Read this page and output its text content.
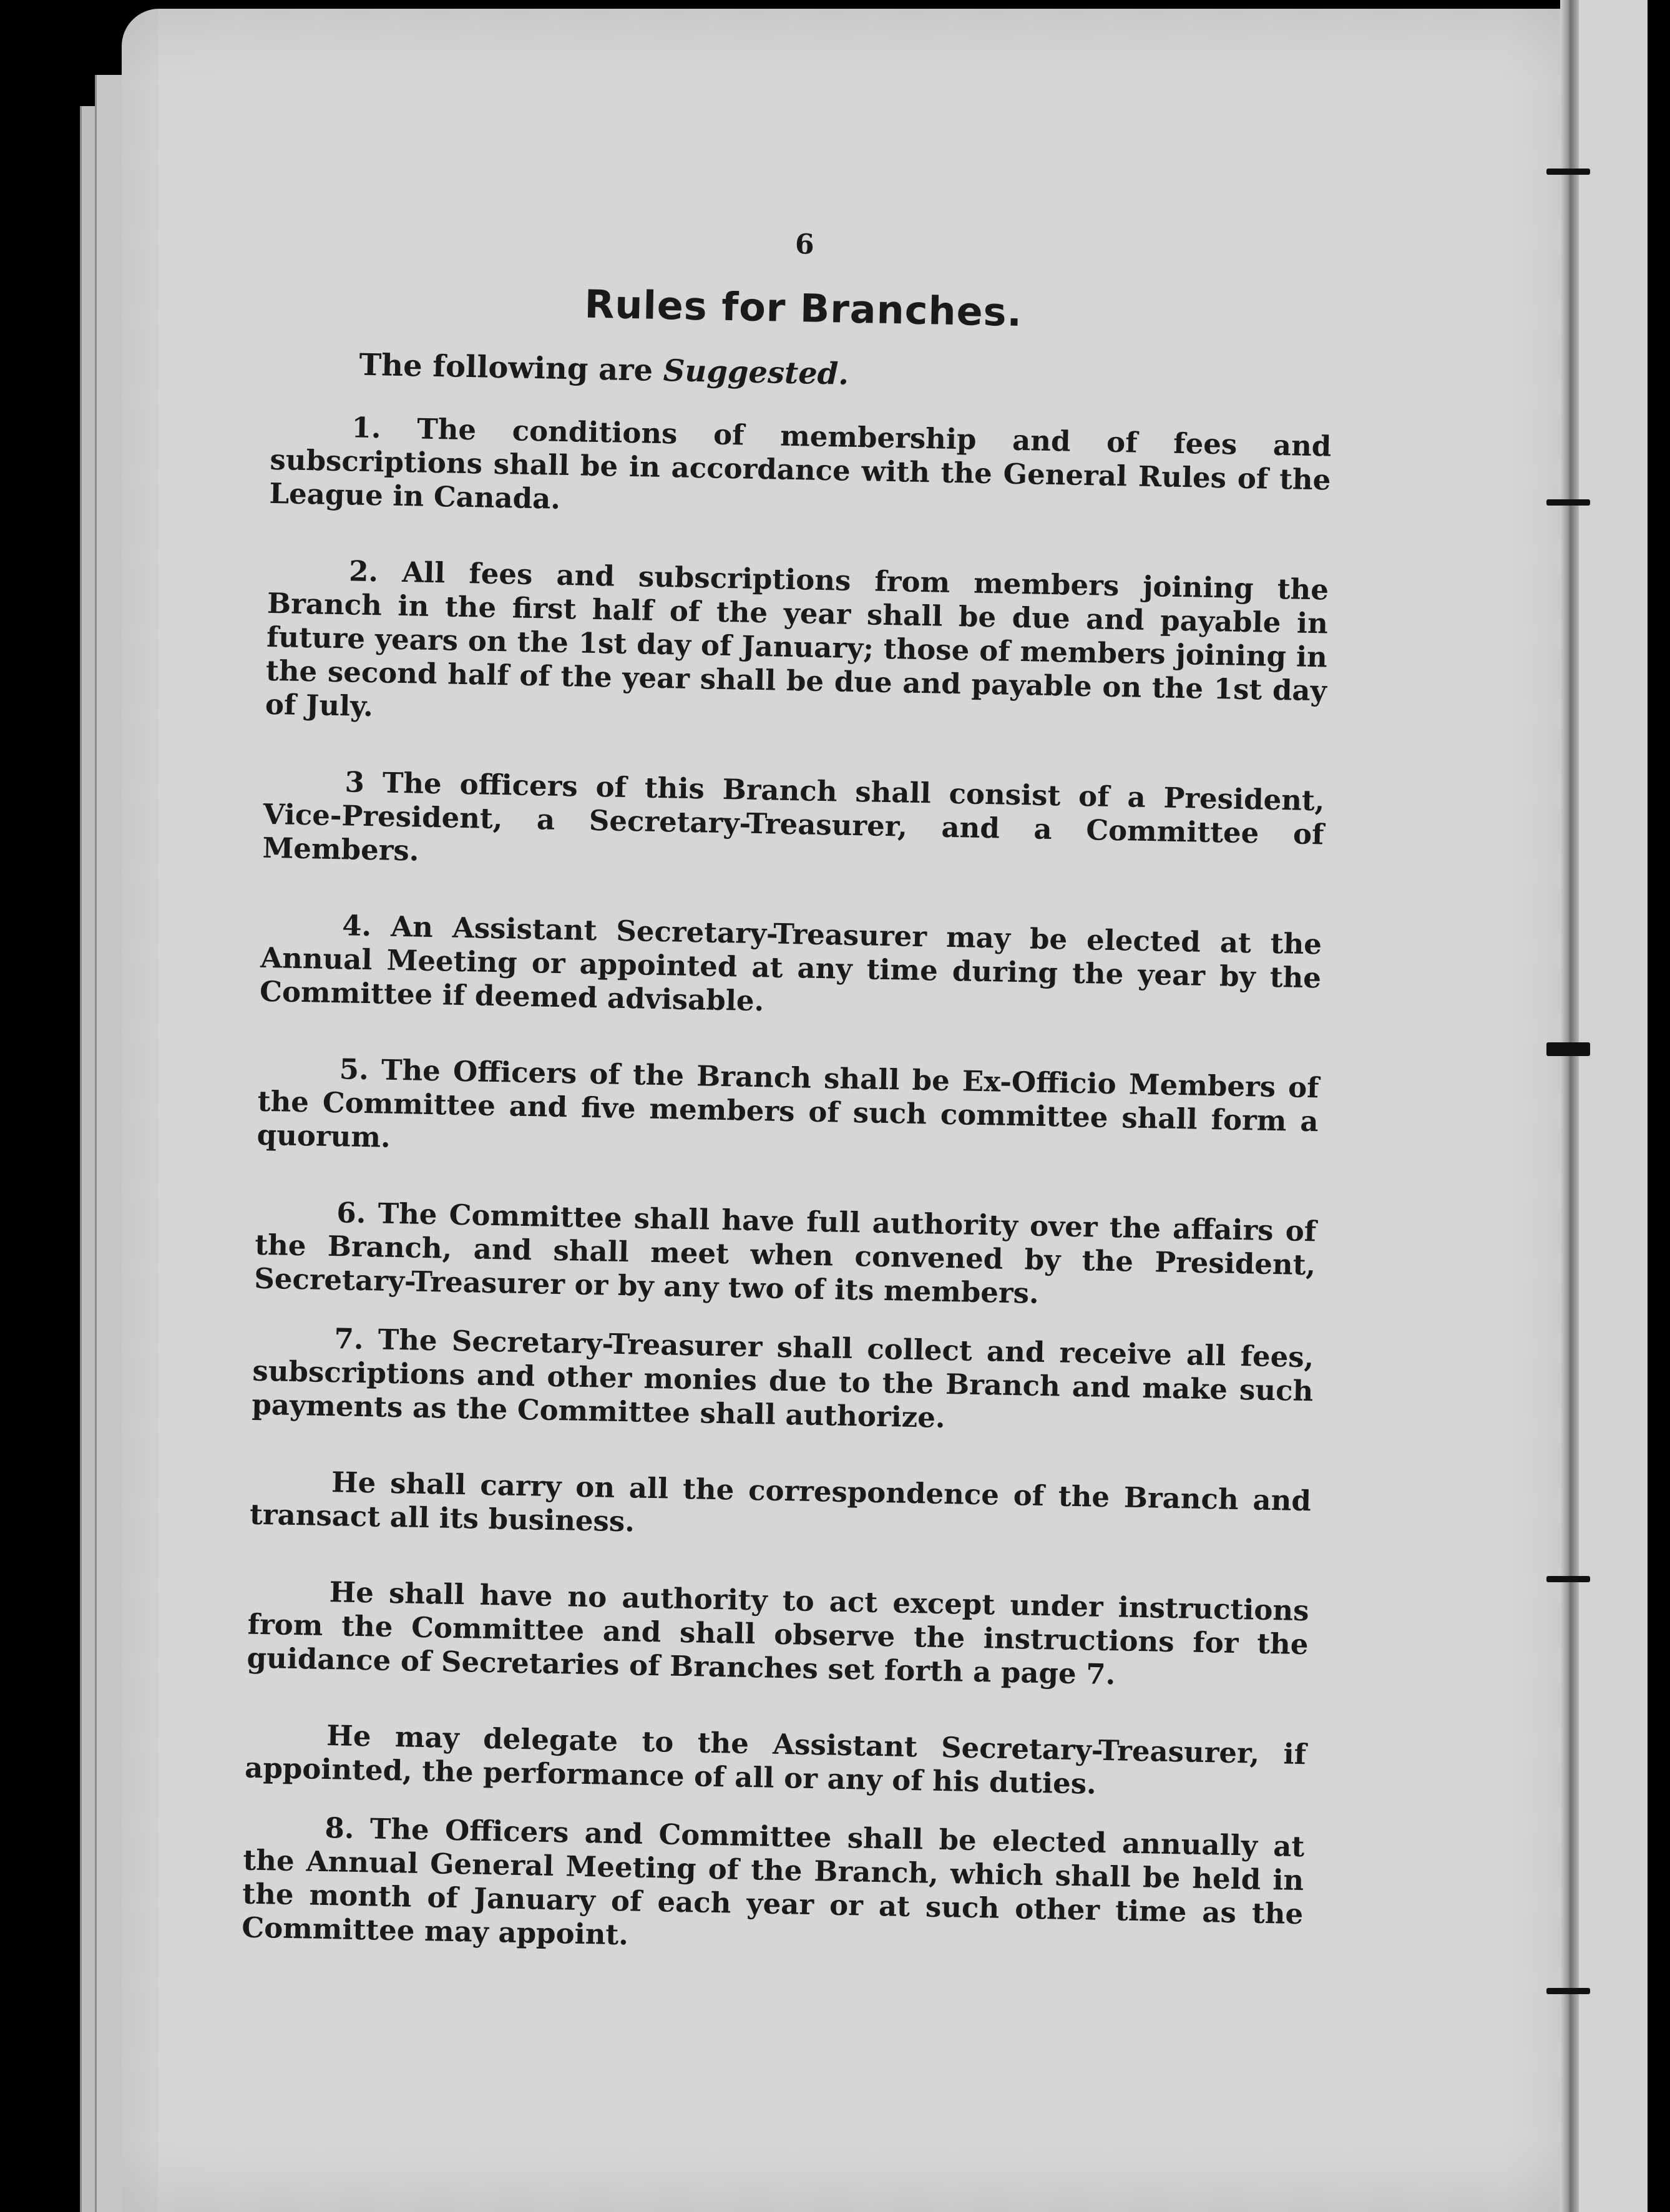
6
Rules for Branches.
The following are Suggested.

1. The conditions of membership and of fees and subscriptions shall be in accordance with the General Rules of the League in Canada.

2. All fees and subscriptions from members joining the Branch in the first half of the year shall be due and payable in future years on the 1st day of January; those of members joining in the second half of the year shall be due and payable on the 1st day of July.

3 The officers of this Branch shall consist of a President, Vice-President, a Secretary-Treasurer, and a Committee of Members.

4. An Assistant Secretary-Treasurer may be elected at the Annual Meeting or appointed at any time during the year by the Committee if deemed advisable.

5. The Officers of the Branch shall be Ex-Officio Members of the Committee and five members of such committee shall form a quorum.

6. The Committee shall have full authority over the affairs of the Branch, and shall meet when convened by the President, Secretary-Treasurer or by any two of its members.

7. The Secretary-Treasurer shall collect and receive all fees, subscriptions and other monies due to the Branch and make such payments as the Committee shall authorize.

He shall carry on all the correspondence of the Branch and transact all its business.

He shall have no authority to act except under instructions from the Committee and shall observe the instructions for the guidance of Secretaries of Branches set forth a page 7.

He may delegate to the Assistant Secretary-Treasurer, if appointed, the performance of all or any of his duties.

8. The Officers and Committee shall be elected annually at the Annual General Meeting of the Branch, which shall be held in the month of January of each year or at such other time as the Committee may appoint.
